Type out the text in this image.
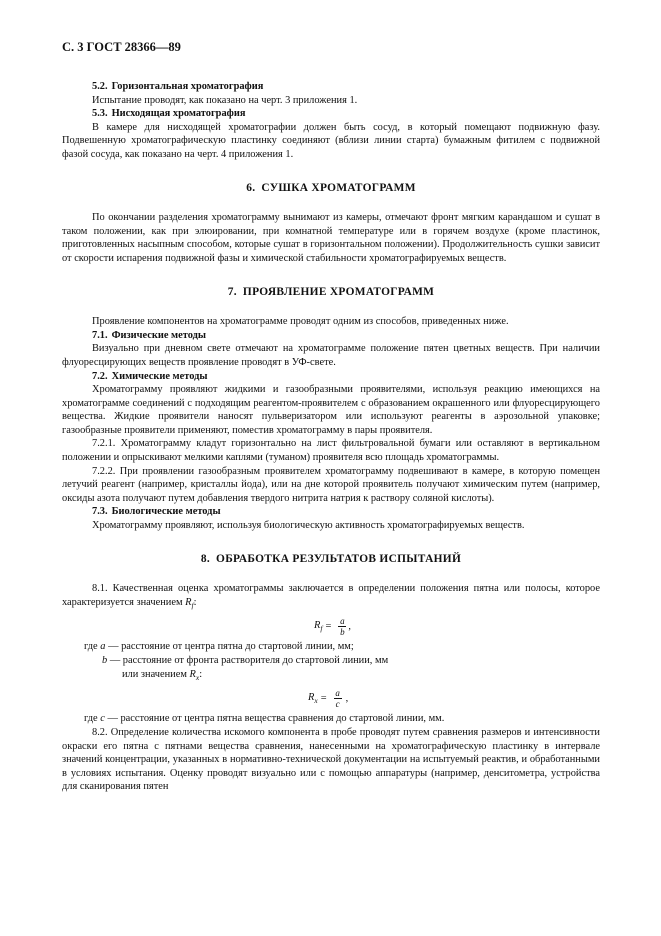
С. 3 ГОСТ 28366—89

5.2. Горизонтальная хроматография

Испытание проводят, как показано на черт. 3 приложения 1.

5.3. Нисходящая хроматография

В камере для нисходящей хроматографии должен быть сосуд, в который помещают подвижную фазу. Подвешенную хроматографическую пластинку соединяют (вблизи линии старта) бумажным фитилем с подвижной фазой сосуда, как показано на черт. 4 приложения 1.

6. СУШКА ХРОМАТОГРАММ

По окончании разделения хроматограмму вынимают из камеры, отмечают фронт мягким карандашом и сушат в таком положении, как при элюировании, при комнатной температуре или в горячем воздухе (кроме пластинок, приготовленных насыпным способом, которые сушат в горизонтальном положении). Продолжительность сушки зависит от скорости испарения подвижной фазы и химической стабильности хроматографируемых веществ.

7. ПРОЯВЛЕНИЕ ХРОМАТОГРАММ

Проявление компонентов на хроматограмме проводят одним из способов, приведенных ниже.

7.1. Физические методы

Визуально при дневном свете отмечают на хроматограмме положение пятен цветных веществ. При наличии флуоресцирующих веществ проявление проводят в УФ-свете.

7.2. Химические методы

Хроматограмму проявляют жидкими и газообразными проявителями, используя реакцию имеющихся на хроматограмме соединений с подходящим реагентом-проявителем с образованием окрашенного или флуоресцирующего вещества. Жидкие проявители наносят пульверизатором или используют реагенты в аэрозольной упаковке; газообразные проявители применяют, поместив хроматограмму в пары проявителя.

7.2.1. Хроматограмму кладут горизонтально на лист фильтровальной бумаги или оставляют в вертикальном положении и опрыскивают мелкими каплями (туманом) проявителя всю площадь хроматограммы.

7.2.2. При проявлении газообразным проявителем хроматограмму подвешивают в камере, в которую помещен летучий реагент (например, кристаллы йода), или на дне которой проявитель получают химическим путем (например, оксиды азота получают путем добавления твердого нитрита натрия к раствору соляной кислоты).

7.3. Биологические методы

Хроматограмму проявляют, используя биологическую активность хроматографируемых веществ.

8. ОБРАБОТКА РЕЗУЛЬТАТОВ ИСПЫТАНИЙ

8.1. Качественная оценка хроматограммы заключается в определении положения пятна или полосы, которое характеризуется значением $R_f$:

$R_f = \frac{a}{b}$ ,

где a — расстояние от центра пятна до стартовой линии, мм;

b — расстояние от фронта растворителя до стартовой линии, мм

или значением $R_x$:

$R_x = \frac{a}{c}$ ,

где c — расстояние от центра пятна вещества сравнения до стартовой линии, мм.

8.2. Определение количества искомого компонента в пробе проводят путем сравнения размеров и интенсивности окраски его пятна с пятнами вещества сравнения, нанесенными на хроматографическую пластинку в интервале значений концентрации, указанных в нормативно-технической документации на испытуемый реактив, и обработанными в условиях испытания. Оценку проводят визуально или с помощью аппаратуры (например, денситометра, устройства для сканирования пятен
